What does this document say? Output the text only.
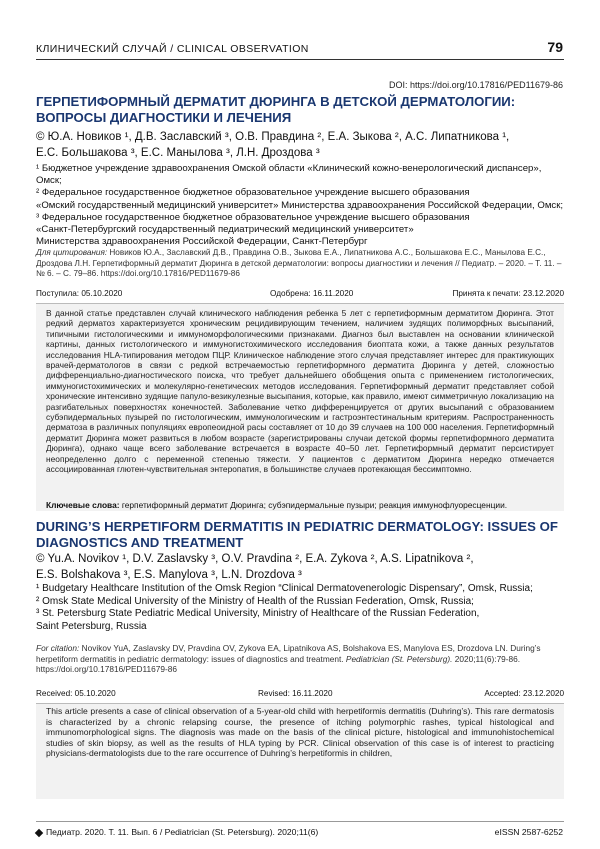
КЛИНИЧЕСКИЙ СЛУЧАЙ / CLINICAL OBSERVATION	79
DOI: https://doi.org/10.17816/PED11679-86
ГЕРПЕТИФОРМНЫЙ ДЕРМАТИТ ДЮРИНГА В ДЕТСКОЙ ДЕРМАТОЛОГИИ: ВОПРОСЫ ДИАГНОСТИКИ И ЛЕЧЕНИЯ
© Ю.А. Новиков ¹, Д.В. Заславский ³, О.В. Правдина ², Е.А. Зыкова ², А.С. Липатникова ¹,
Е.С. Большакова ³, Е.С. Манылова ³, Л.Н. Дроздова ³
¹ Бюджетное учреждение здравоохранения Омской области «Клинический кожно-венерологический диспансер», Омск;
² Федеральное государственное бюджетное образовательное учреждение высшего образования
«Омский государственный медицинский университет» Министерства здравоохранения Российской Федерации, Омск;
³ Федеральное государственное бюджетное образовательное учреждение высшего образования
«Санкт-Петербургский государственный педиатрический медицинский университет»
Министерства здравоохранения Российской Федерации, Санкт-Петербург
Для цитирования: Новиков Ю.А., Заславский Д.В., Правдина О.В., Зыкова Е.А., Липатникова А.С., Большакова Е.С., Манылова Е.С., Дроздова Л.Н. Герпетиформный дерматит Дюринга в детской дерматологии: вопросы диагностики и лечения // Педиатр. – 2020. – Т. 11. – № 6. – С. 79–86. https://doi.org/10.17816/PED11679-86
Поступила: 05.10.2020	Одобрена: 16.11.2020	Принята к печати: 23.12.2020
В данной статье представлен случай клинического наблюдения ребенка 5 лет с герпетиформным дерматитом Дюринга. Этот редкий дерматоз характеризуется хроническим рецидивирующим течением, наличием зудящих полиморфных высыпаний, типичными гистологическими и иммуноморфологическими признаками. Диагноз был выставлен на основании клинической картины, данных гистологического и иммуногистохимического исследования биоптата кожи, а также данных результатов исследования HLA-типирования методом ПЦР. Клиническое наблюдение этого случая представляет интерес для практикующих врачей-дерматологов в связи с редкой встречаемостью герпетиформного дерматита Дюринга у детей, сложностью дифференциально-диагностического поиска, что требует дальнейшего обобщения опыта с применением гистологических, иммуногистохимических и молекулярно-генетических методов исследования. Герпетиформный дерматит представляет собой хронические интенсивно зудящие папуло-везикулезные высыпания, которые, как правило, имеют симметричную локализацию на разгибательных поверхностях конечностей. Заболевание четко дифференцируется от других высыпаний с образованием субэпидермальных пузырей по гистологическим, иммунологическим и гастроэнтестинальным критериям. Распространенность дерматоза в различных популяциях европеоидной расы составляет от 10 до 39 случаев на 100 000 населения. Герпетиформный дерматит Дюринга может развиться в любом возрасте (зарегистрированы случаи детской формы герпетиформного дерматита Дюринга), однако чаще всего заболевание встречается в возрасте 40–50 лет. Герпетиформный дерматит персистирует неопределенно долго с переменной степенью тяжести. У пациентов с дерматитом Дюринга нередко отмечается ассоциированная глютен-чувствительная энтеропатия, в большинстве случаев протекающая бессимптомно.
Ключевые слова: герпетиформный дерматит Дюринга; субэпидермальные пузыри; реакция иммунофлуоресценции.
DURING’S HERPETIFORM DERMATITIS IN PEDIATRIC DERMATOLOGY: ISSUES OF DIAGNOSTICS AND TREATMENT
© Yu.A. Novikov ¹, D.V. Zaslavsky ³, O.V. Pravdina ², E.A. Zykova ², A.S. Lipatnikova ²,
E.S. Bolshakova ³, E.S. Manylova ³, L.N. Drozdova ³
¹ Budgetary Healthcare Institution of the Omsk Region “Clinical Dermatovenerologic Dispensary”, Omsk, Russia;
² Omsk State Medical University of the Ministry of Health of the Russian Federation, Omsk, Russia;
³ St. Petersburg State Pediatric Medical University, Ministry of Healthcare of the Russian Federation,
Saint Petersburg, Russia
For citation: Novikov YuA, Zaslavsky DV, Pravdina OV, Zykova EA, Lipatnikova AS, Bolshakova ES, Manylova ES, Drozdova LN. During’s herpetiform dermatitis in pediatric dermatology: issues of diagnostics and treatment. Pediatrician (St. Petersburg). 2020;11(6):79-86. https://doi.org/10.17816/PED11679-86
Received: 05.10.2020	Revised: 16.11.2020	Accepted: 23.12.2020
This article presents a case of clinical observation of a 5-year-old child with herpetiformis dermatitis (Duhring’s). This rare dermatosis is characterized by a chronic relapsing course, the presence of itching polymorphic rashes, typical histological and immunomorphological signs. The diagnosis was made on the basis of the clinical picture, histological and immunohistochemical studies of skin biopsy, as well as the results of HLA typing by PCR. Clinical observation of this case is of interest to practicing physicians-dermatologists due to the rare occurrence of Duhring’s herpetiformis in children,
Педиатр. 2020. Т. 11. Вып. 6 / Pediatrician (St. Petersburg). 2020;11(6)	eISSN 2587-6252
